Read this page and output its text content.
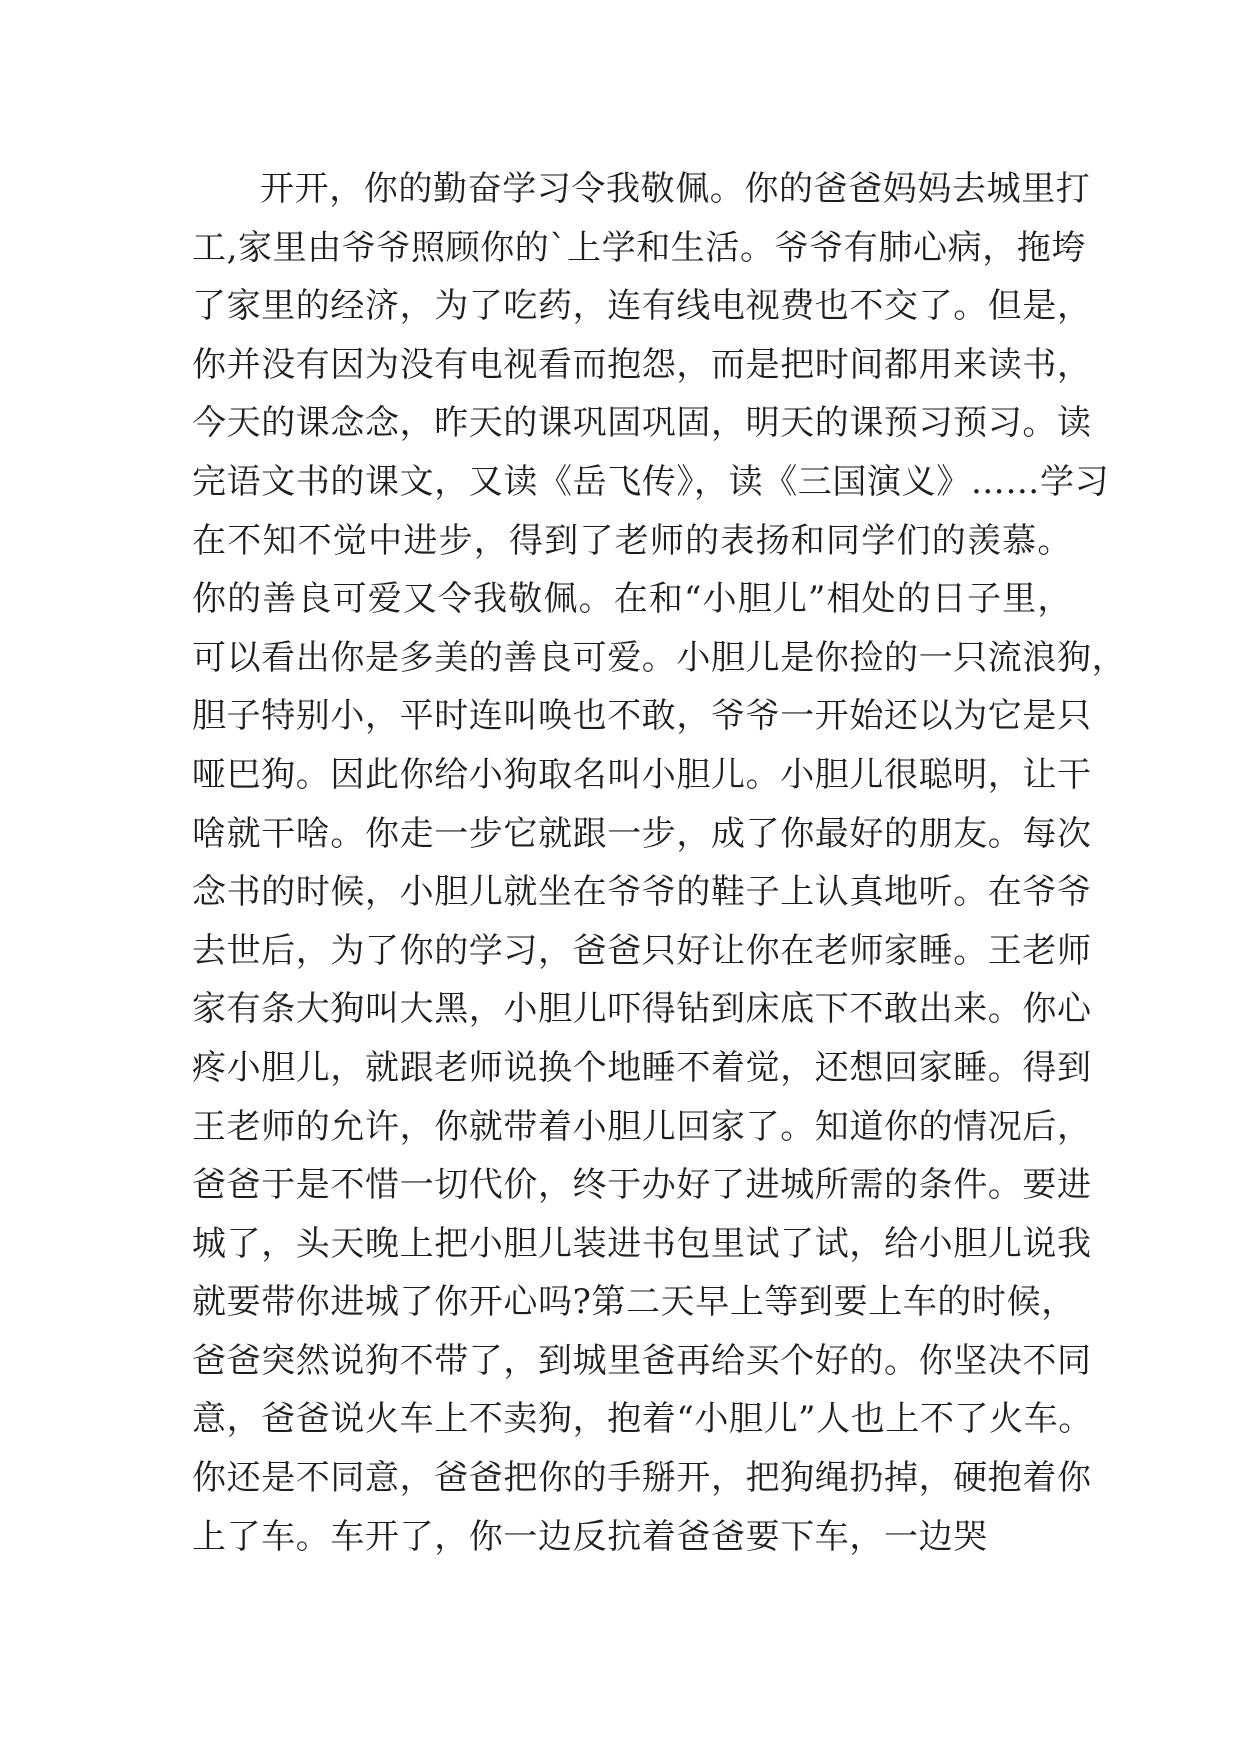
开开，你的勤奋学习令我敬佩。你的爸爸妈妈去城里打
工,家里由爷爷照顾你的`上学和生活。爷爷有肺心病，拖垮
了家里的经济，为了吃药，连有线电视费也不交了。但是，
你并没有因为没有电视看而抱怨，而是把时间都用来读书，
今天的课念念，昨天的课巩固巩固，明天的课预习预习。读
完语文书的课文，又读《岳飞传》，读《三国演义》……学习
在不知不觉中进步，得到了老师的表扬和同学们的羡慕。
你的善良可爱又令我敬佩。在和“小胆儿”相处的日子里，
可以看出你是多美的善良可爱。小胆儿是你捡的一只流浪狗，
胆子特别小，平时连叫唤也不敢，爷爷一开始还以为它是只
哑巴狗。因此你给小狗取名叫小胆儿。小胆儿很聪明，让干
啥就干啥。你走一步它就跟一步，成了你最好的朋友。每次
念书的时候，小胆儿就坐在爷爷的鞋子上认真地听。在爷爷
去世后，为了你的学习，爸爸只好让你在老师家睡。王老师
家有条大狗叫大黑，小胆儿吓得钻到床底下不敢出来。你心
疼小胆儿，就跟老师说换个地睡不着觉，还想回家睡。得到
王老师的允许，你就带着小胆儿回家了。知道你的情况后，
爸爸于是不惜一切代价，终于办好了进城所需的条件。要进
城了，头天晚上把小胆儿装进书包里试了试，给小胆儿说我
就要带你进城了你开心吗?第二天早上等到要上车的时候，
爸爸突然说狗不带了，到城里爸再给买个好的。你坚决不同
意，爸爸说火车上不卖狗，抱着“小胆儿”人也上不了火车。
你还是不同意，爸爸把你的手掰开，把狗绳扔掉，硬抱着你
上了车。车开了，你一边反抗着爸爸要下车，一边哭
